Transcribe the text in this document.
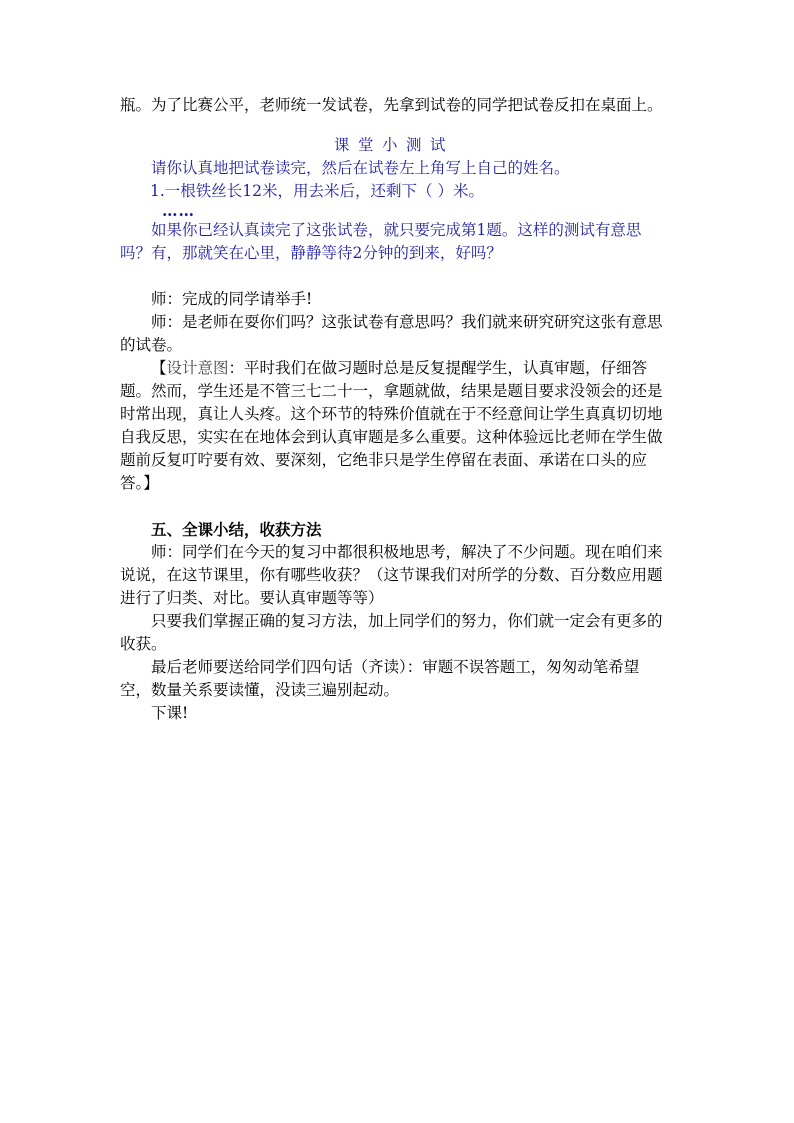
瓶。为了比赛公平，老师统一发试卷，先拿到试卷的同学把试卷反扣在桌面上。

课堂小测试

请你认真地把试卷读完，然后在试卷左上角写上自己的姓名。

1.一根铁丝长12米，用去米后，还剩下（ ）米。

……

如果你已经认真读完了这张试卷，就只要完成第1题。这样的测试有意思吗？有，那就笑在心里，静静等待2分钟的到来，好吗？

师：完成的同学请举手!

师：是老师在耍你们吗？这张试卷有意思吗？我们就来研究研究这张有意思的试卷。

【设计意图：平时我们在做习题时总是反复提醒学生，认真审题，仔细答题。然而，学生还是不管三七二十一，拿题就做，结果是题目要求没领会的还是时常出现，真让人头疼。这个环节的特殊价值就在于不经意间让学生真真切切地自我反思，实实在在地体会到认真审题是多么重要。这种体验远比老师在学生做题前反复叮咛要有效、要深刻，它绝非只是学生停留在表面、承诺在口头的应答。】

五、全课小结，收获方法

师：同学们在今天的复习中都很积极地思考，解决了不少问题。现在咱们来说说，在这节课里，你有哪些收获？（这节课我们对所学的分数、百分数应用题进行了归类、对比。要认真审题等等）

只要我们掌握正确的复习方法，加上同学们的努力，你们就一定会有更多的收获。

最后老师要送给同学们四句话（齐读）：审题不误答题工，匆匆动笔希望空，数量关系要读懂，没读三遍别起动。

下课!
